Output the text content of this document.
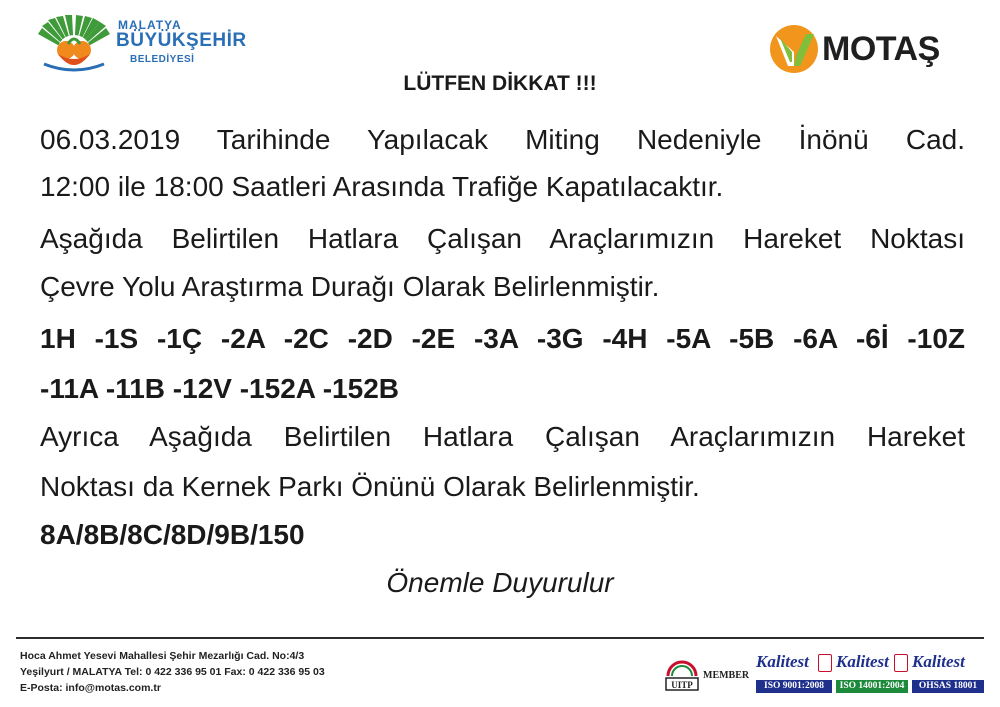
MALATYA
BÜYÜKŞEHİR
BELEDİYESİ	MOTAŞ
LÜTFEN DİKKAT !!!
06.03.2019 Tarihinde Yapılacak Miting Nedeniyle İnönü Cad.
12:00 ile 18:00 Saatleri Arasında Trafiğe Kapatılacaktır.
Aşağıda Belirtilen Hatlara Çalışan Araçlarımızın Hareket Noktası
Çevre Yolu Araştırma Durağı Olarak Belirlenmiştir.
1H -1S -1Ç -2A -2C -2D -2E -3A -3G -4H -5A -5B -6A -6İ -10Z
-11A -11B -12V -152A -152B
Ayrıca Aşağıda Belirtilen Hatlara Çalışan Araçlarımızın Hareket
Noktası da Kernek Parkı Önünü Olarak Belirlenmiştir.
8A/8B/8C/8D/9B/150
Önemle Duyurulur
Hoca Ahmet Yesevi Mahallesi Şehir Mezarlığı Cad. No:4/3
Yeşilyurt / MALATYA Tel: 0 422 336 95 01 Fax: 0 422 336 95 03
E-Posta: info@motas.com.tr	UITP
MEMBER
Kalitest
ISO 9001:2008
Kalitest
ISO 14001:2004
Kalitest
OHSAS 18001
